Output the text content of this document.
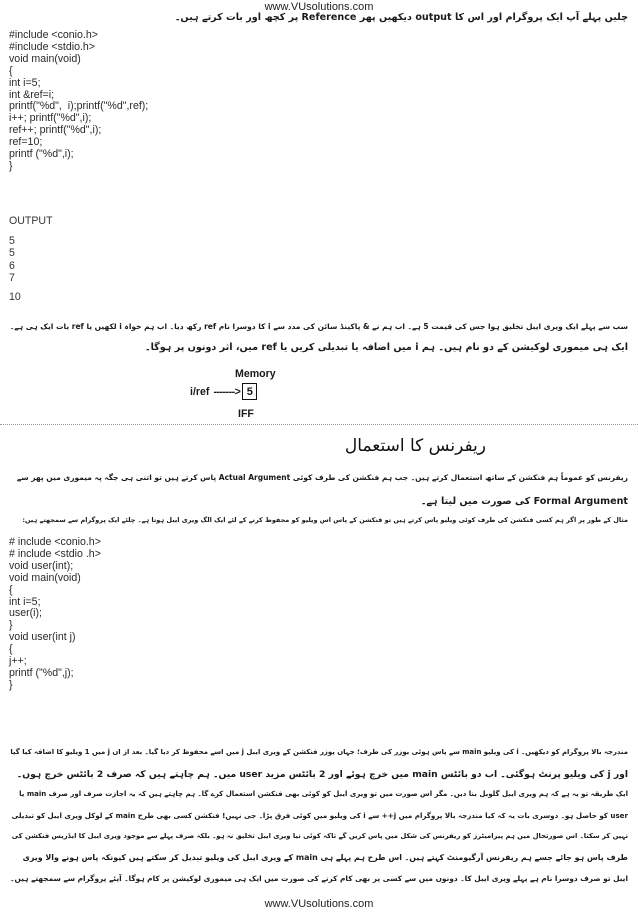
www.VUsolutions.com
چلیں پہلے آپ ایک پروگرام اور اس کا output دیکھیں پھر Reference پر کچھ اور بات کرتے ہیں۔
#include <conio.h>
#include <stdio.h>
void main(void)
{
int i=5;
int &ref=i;
printf("%d",  i);printf("%d",ref);
i++; printf("%d",i);
ref++; printf("%d",i);
ref=10;
printf ("%d",i);
}
OUTPUT
5
5
6
7
10
سب سے پہلے ایک ویری ایبل تخلیق ہوا جس کی قیمت 5 ہے۔ اب ہم نے & پاکینڈ سائن کی مدد سے i کا دوسرا نام ref رکھ دیا۔ اب ہم خواہ i لکھیں یا ref بات ایک ہی ہے۔
ایک ہی میموری لوکیشن کے دو نام ہیں۔ ہم i میں اضافہ یا تبدیلی کریں یا ref میں، اثر دونوں پر ہوگا۔
Memory
i/ref -------> 5
IFF
ریفرنس کا استعمال
ریفرنس کو عموماً ہم فنکشن کے ساتھ استعمال کرتے ہیں۔ جب ہم فنکشن کی طرف کوئی Actual Argument پاس کرتے ہیں تو اتنی ہی جگہ پہ میموری میں پھر سے
Formal Argument کی صورت میں لیتا ہے۔
مثال کے طور پر اگر ہم کسی فنکشن کی طرف کوئی ویلیو پاس کرتے ہیں تو فنکشن کے پاس اس ویلیو کو محفوظ کرنے کے لئے ایک الگ ویری ایبل ہوتا ہے۔ چلئے ایک پروگرام سے سمجھتے ہیں:
# include <conio.h>
# include <stdio .h>
void user(int);
void main(void)
{
int i=5;
user(i);
}
void user(int j)
{
j++;
printf ("%d",j);
}
مندرجہ بالا پروگرام کو دیکھیں۔ i کی ویلیو main سے پاس ہوئی یوزر کی طرف؛ جہاں یوزر فنکشن کے ویری ایبل j میں اسے محفوظ کر دیا گیا۔ بعد از اں j میں 1 ویلیو کا اضافہ کیا گیا
اور j کی ویلیو پرنٹ ہوگئی۔ اب دو بائٹس main میں خرچ ہوئے اور 2 بائٹس مزید user میں۔ ہم چاہتے ہیں کہ صرف 2 بائٹس خرچ ہوں۔
ایک طریقہ تو یہ ہے کہ ہم ویری ایبل گلوبل بنا دیں۔ مگر اس صورت میں تو ویری ایبل کو کوئی بھی فنکشن استعمال کرے گا۔ ہم چاہتے ہیں کہ یہ اجازت صرف اور صرف main یا
user کو حاصل ہو۔ دوسری بات یہ کہ کیا مندرجہ بالا پروگرام میں j++ سے i کی ویلیو میں کوئی فرق پڑا۔ جی نہیں! فنکشن کسی بھی طرح main کے لوکل ویری ایبل کو تبدیلی
نہیں کر سکتا۔ اس صورتحال میں ہم پیرامیٹرز کو ریفرنس کی شکل میں پاس کریں گے تاکہ کوئی نیا ویری ایبل تخلیق نہ ہو۔ بلکہ صرف پہلے سے موجود ویری ایبل کا ایڈریس فنکشن کی
طرف پاس ہو جائے جسے ہم ریفرنس آرگیومنٹ کہتے ہیں۔ اس طرح ہم پہلے ہی main کے ویری ایبل کی ویلیو تبدیل کر سکتے ہیں کیونکہ پاس ہونے والا ویری
ایبل تو صرف دوسرا نام ہے پہلے ویری ایبل کا۔ دونوں میں سے کسی پر بھی کام کرنے کی صورت میں ایک ہی میموری لوکیشن پر کام ہوگا۔ آیئے پروگرام سے سمجھتے ہیں۔
www.VUsolutions.com
